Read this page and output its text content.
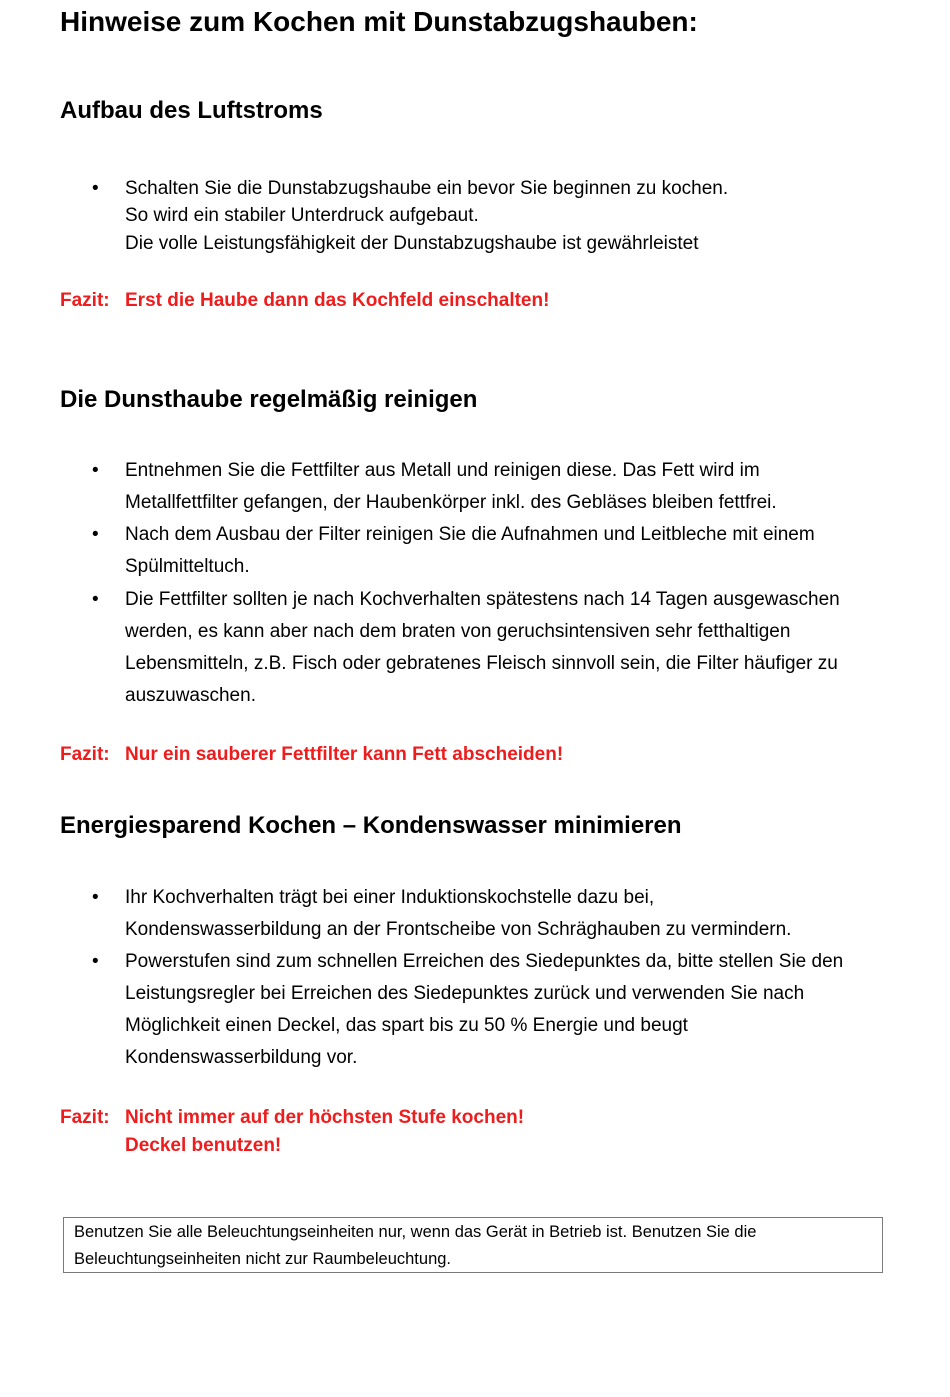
Hinweise zum Kochen mit Dunstabzugshauben:
Aufbau des Luftstroms
• Schalten Sie die Dunstabzugshaube ein bevor Sie beginnen zu kochen.
So wird ein stabiler Unterdruck aufgebaut.
Die volle Leistungsfähigkeit der Dunstabzugshaube ist gewährleistet
Fazit: Erst die Haube dann das Kochfeld einschalten!
Die Dunsthaube regelmäßig reinigen
• Entnehmen Sie die Fettfilter aus Metall und reinigen diese. Das Fett wird im
Metallfettfilter gefangen, der Haubenkörper inkl. des Gebläses bleiben fettfrei.
• Nach dem Ausbau der Filter reinigen Sie die Aufnahmen und Leitbleche mit einem
Spülmitteltuch.
• Die Fettfilter sollten je nach Kochverhalten spätestens nach 14 Tagen ausgewaschen
werden, es kann aber nach dem braten von geruchsintensiven sehr fetthaltigen
Lebensmitteln, z.B. Fisch oder gebratenes Fleisch sinnvoll sein, die Filter häufiger zu
auszuwaschen.
Fazit: Nur ein sauberer Fettfilter kann Fett abscheiden!
Energiesparend Kochen – Kondenswasser minimieren
• Ihr Kochverhalten trägt bei einer Induktionskochstelle dazu bei,
Kondenswasserbildung an der Frontscheibe von Schräghauben zu vermindern.
• Powerstufen sind zum schnellen Erreichen des Siedepunktes da, bitte stellen Sie den
Leistungsregler bei Erreichen des Siedepunktes zurück und verwenden Sie nach
Möglichkeit einen Deckel, das spart bis zu 50 % Energie und beugt
Kondenswasserbildung vor.
Fazit: Nicht immer auf der höchsten Stufe kochen!
Deckel benutzen!
Benutzen Sie alle Beleuchtungseinheiten nur, wenn das Gerät in Betrieb ist. Benutzen Sie die
Beleuchtungseinheiten nicht zur Raumbeleuchtung.
